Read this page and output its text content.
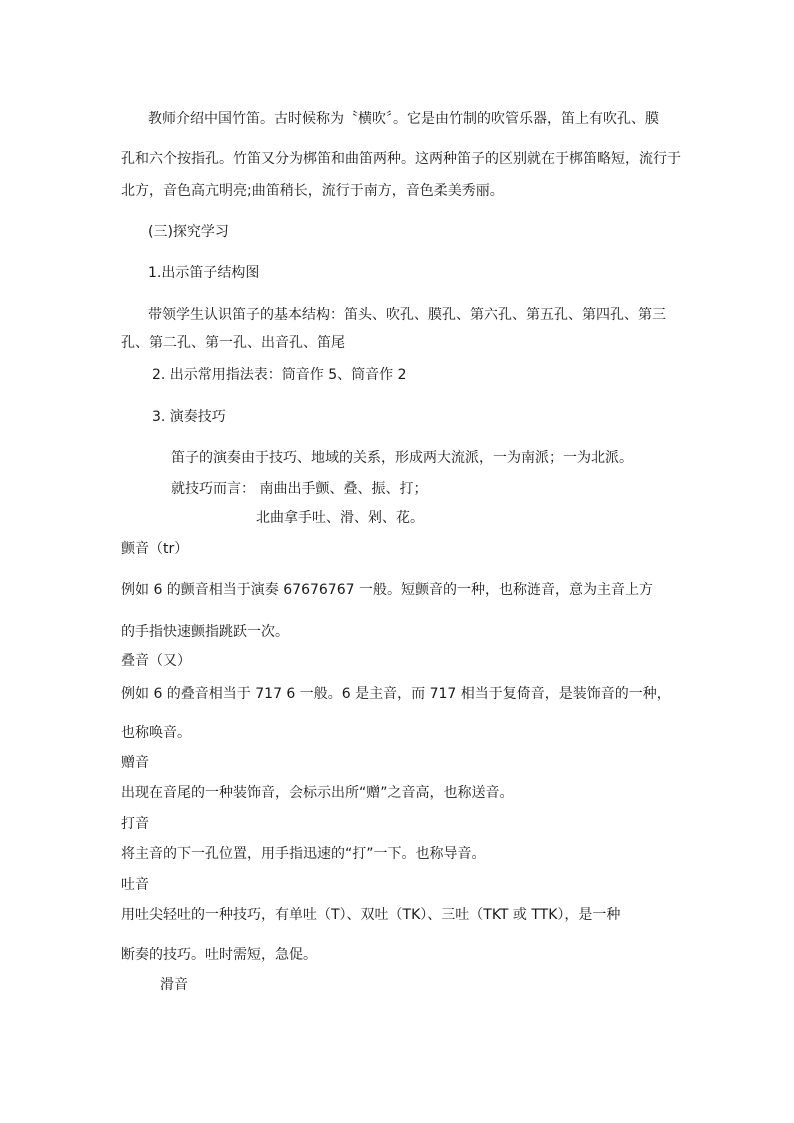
教师介绍中国竹笛。古时候称为〝横吹〞。它是由竹制的吹管乐器，笛上有吹孔、膜

孔和六个按指孔。竹笛又分为梆笛和曲笛两种。这两种笛子的区别就在于梆笛略短，流行于

北方，音色高亢明亮;曲笛稍长，流行于南方，音色柔美秀丽。

(三)探究学习

1.出示笛子结构图

带领学生认识笛子的基本结构：笛头、吹孔、膜孔、第六孔、第五孔、第四孔、第三

孔、第二孔、第一孔、出音孔、笛尾

2. 出示常用指法表：筒音作 5、筒音作 2

3. 演奏技巧

笛子的演奏由于技巧、地域的关系，形成两大流派，一为南派；一为北派。

就技巧而言： 南曲出手颤、叠、振、打；

北曲拿手吐、滑、剁、花。

颤音（tr）

例如 6 的颤音相当于演奏 67676767 一般。短颤音的一种，也称涟音，意为主音上方

的手指快速颤指跳跃一次。

叠音（又）

例如 6 的叠音相当于 717 6 一般。6 是主音，而 717 相当于复倚音，是装饰音的一种，

也称唤音。

赠音

出现在音尾的一种装饰音，会标示出所“赠”之音高，也称送音。

打音

将主音的下一孔位置，用手指迅速的“打”一下。也称导音。

吐音

用吐尖轻吐的一种技巧，有单吐（T）、双吐（TK）、三吐（TKT 或 TTK），是一种

断奏的技巧。吐时需短，急促。

滑音
